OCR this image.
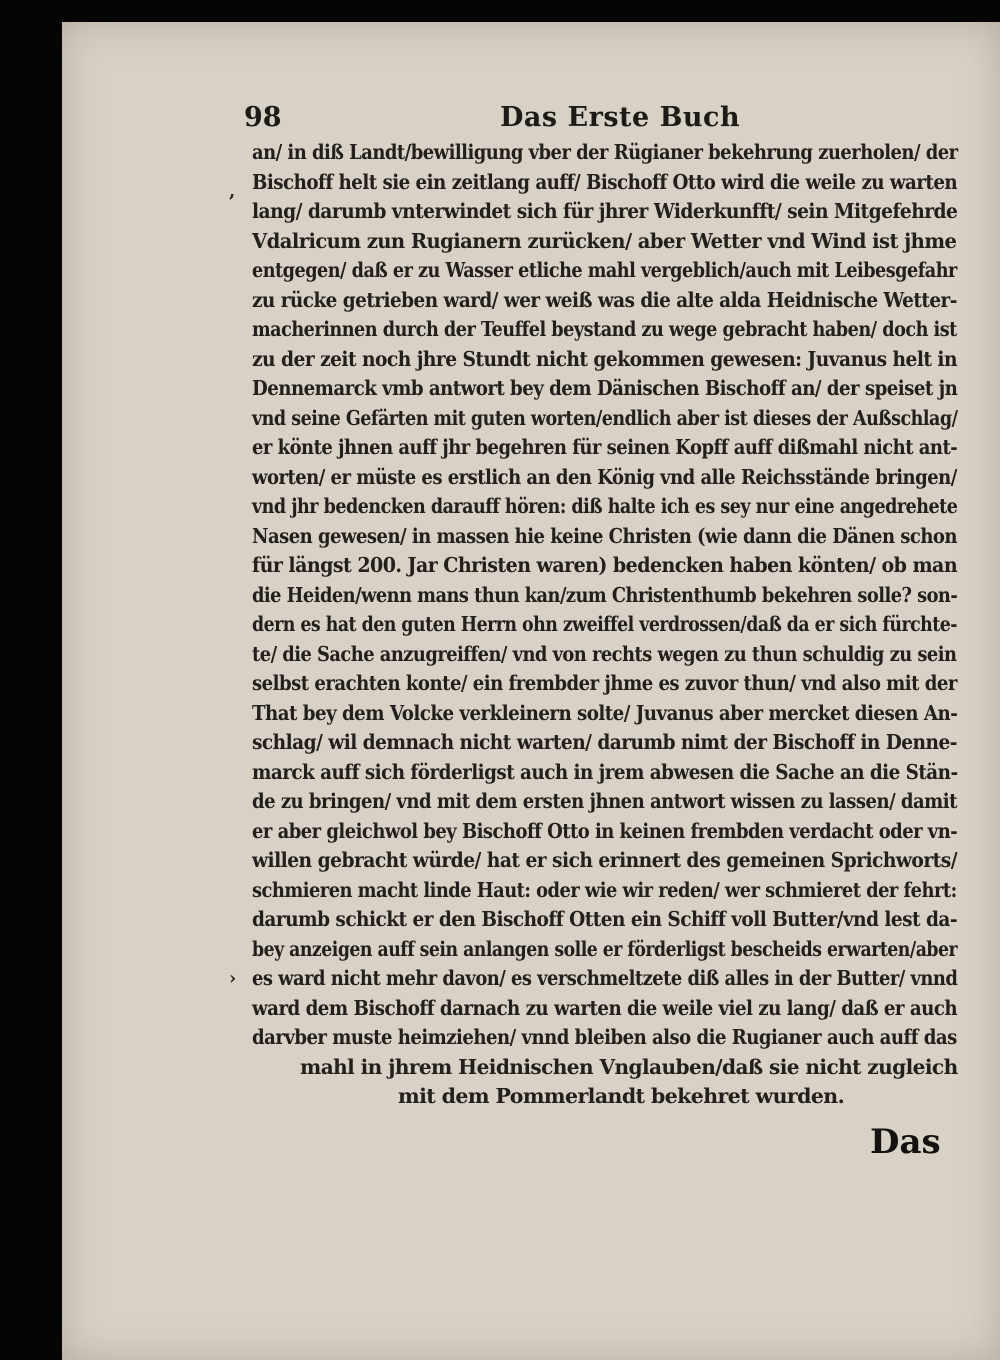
98	Das Erste Buch
an/ in diß Landt/bewilligung vber der Rügianer bekehrung zuerholen/ der
Bischoff helt sie ein zeitlang auff/ Bischoff Otto wird die weile zu warten
lang/ darumb vnterwindet sich für jhrer Widerkunfft/ sein Mitgefehrde
Vdalricum zun Rugianern zurücken/ aber Wetter vnd Wind ist jhme
entgegen/ daß er zu Wasser etliche mahl vergeblich/auch mit Leibesgefahr
zu rücke getrieben ward/ wer weiß was die alte alda Heidnische Wetter-
macherinnen durch der Teuffel beystand zu wege gebracht haben/ doch ist
zu der zeit noch jhre Stundt nicht gekommen gewesen: Juvanus helt in
Dennemarck vmb antwort bey dem Dänischen Bischoff an/ der speiset jn
vnd seine Gefärten mit guten worten/endlich aber ist dieses der Außschlag/
er könte jhnen auff jhr begehren für seinen Kopff auff dißmahl nicht ant-
worten/ er müste es erstlich an den König vnd alle Reichsstände bringen/
vnd jhr bedencken darauff hören: diß halte ich es sey nur eine angedrehete
Nasen gewesen/ in massen hie keine Christen (wie dann die Dänen schon
für längst 200. Jar Christen waren) bedencken haben könten/ ob man
die Heiden/wenn mans thun kan/zum Christenthumb bekehren solle? son-
dern es hat den guten Herrn ohn zweiffel verdrossen/daß da er sich fürchte-
te/ die Sache anzugreiffen/ vnd von rechts wegen zu thun schuldig zu sein
selbst erachten konte/ ein frembder jhme es zuvor thun/ vnd also mit der
That bey dem Volcke verkleinern solte/ Juvanus aber mercket diesen An-
schlag/ wil demnach nicht warten/ darumb nimt der Bischoff in Denne-
marck auff sich förderligst auch in jrem abwesen die Sache an die Stän-
de zu bringen/ vnd mit dem ersten jhnen antwort wissen zu lassen/ damit
er aber gleichwol bey Bischoff Otto in keinen frembden verdacht oder vn-
willen gebracht würde/ hat er sich erinnert des gemeinen Sprichworts/
schmieren macht linde Haut: oder wie wir reden/ wer schmieret der fehrt:
darumb schickt er den Bischoff Otten ein Schiff voll Butter/vnd lest da-
bey anzeigen auff sein anlangen solle er förderligst bescheids erwarten/aber
es ward nicht mehr davon/ es verschmeltzete diß alles in der Butter/ vnnd
ward dem Bischoff darnach zu warten die weile viel zu lang/ daß er auch
darvber muste heimziehen/ vnnd bleiben also die Rugianer auch auff das
mahl in jhrem Heidnischen Vnglauben/daß sie nicht zugleich
mit dem Pommerlandt bekehret wurden.
,
›
Das
